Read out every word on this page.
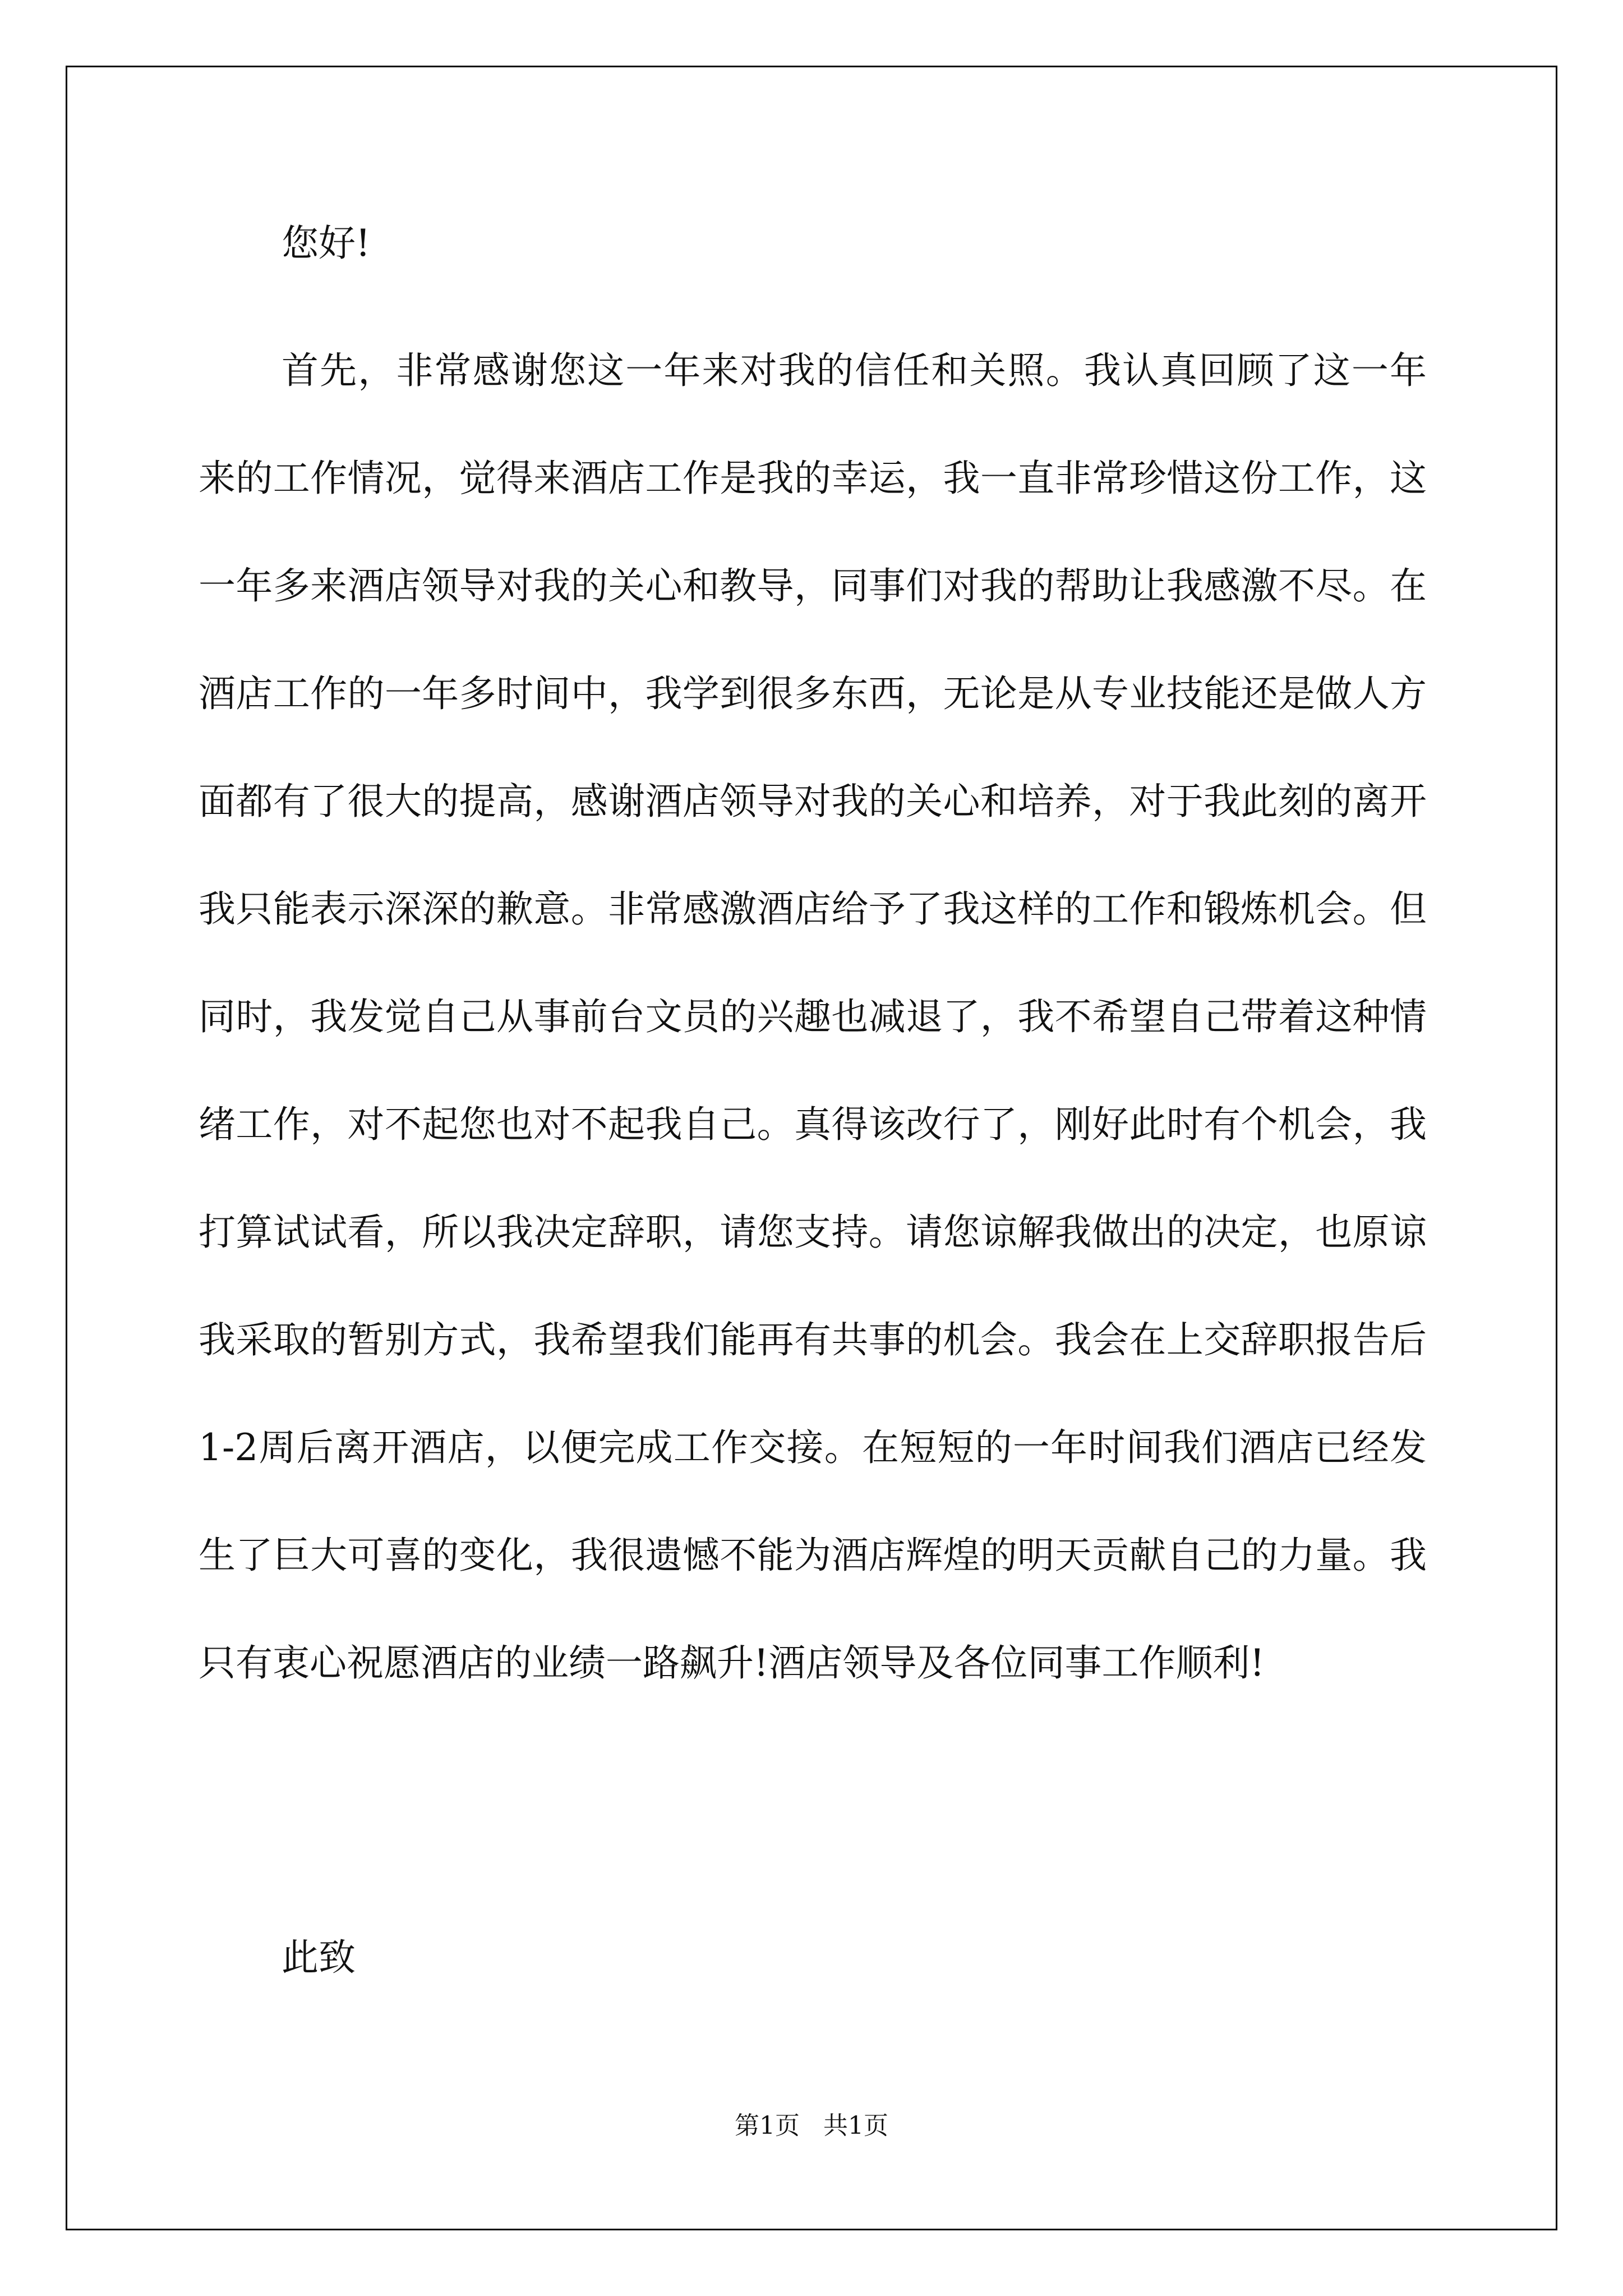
您好!

首先，非常感谢您这一年来对我的信任和关照。我认真回顾了这一年来的工作情况，觉得来酒店工作是我的幸运，我一直非常珍惜这份工作，这一年多来酒店领导对我的关心和教导，同事们对我的帮助让我感激不尽。在酒店工作的一年多时间中，我学到很多东西，无论是从专业技能还是做人方面都有了很大的提高，感谢酒店领导对我的关心和培养，对于我此刻的离开我只能表示深深的歉意。非常感激酒店给予了我这样的工作和锻炼机会。但同时，我发觉自己从事前台文员的兴趣也减退了，我不希望自己带着这种情绪工作，对不起您也对不起我自己。真得该改行了，刚好此时有个机会，我打算试试看，所以我决定辞职，请您支持。请您谅解我做出的决定，也原谅我采取的暂别方式，我希望我们能再有共事的机会。我会在上交辞职报告后1-2周后离开酒店，以便完成工作交接。在短短的一年时间我们酒店已经发生了巨大可喜的变化，我很遗憾不能为酒店辉煌的明天贡献自己的力量。我只有衷心祝愿酒店的业绩一路飙升!酒店领导及各位同事工作顺利!

此致

第1页   共1页
